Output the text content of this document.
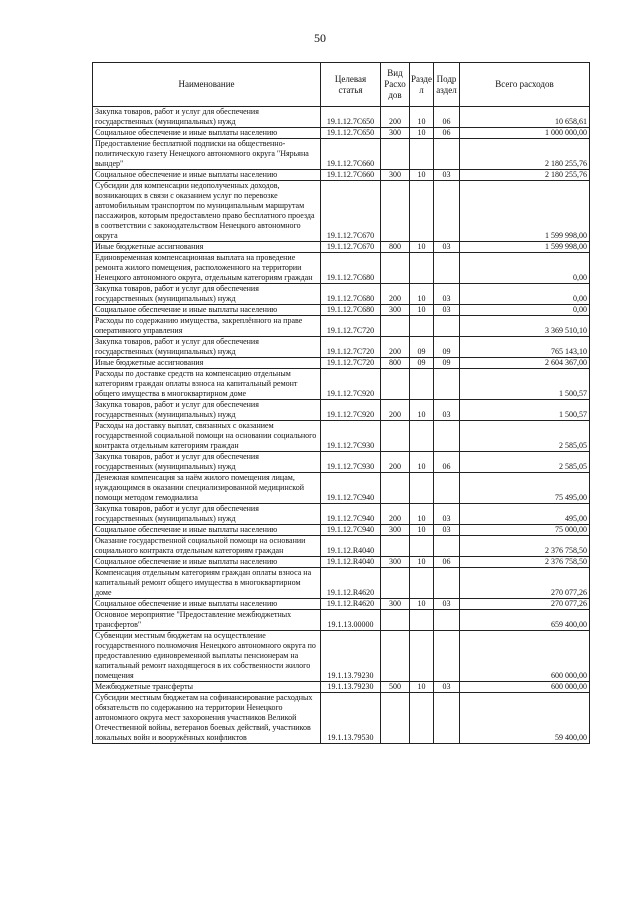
50
Наименование	Целевая статья	Вид Расхо дов	Разде л	Подр аздел	Всего расходов
Закупка товаров, работ и услуг для обеспечения государственных (муниципальных) нужд	19.1.12.7C650	200	10	06	10 658,61
Социальное обеспечение и иные выплаты населению	19.1.12.7C650	300	10	06	1 000 000,00
Предоставление бесплатной подписки на общественно-политическую газету Ненецкого автономного округа "Нярьяна вындер"	19.1.12.7C660				2 180 255,76
Социальное обеспечение и иные выплаты населению	19.1.12.7C660	300	10	03	2 180 255,76
Субсидии для компенсации недополученных доходов, возникающих в связи с оказанием услуг по перевозке автомобильным транспортом по муниципальным маршрутам пассажиров, которым предоставлено право бесплатного проезда в соответствии с законодательством Ненецкого автономного округа	19.1.12.7C670				1 599 998,00
Иные бюджетные ассигнования	19.1.12.7C670	800	10	03	1 599 998,00
Единовременная компенсационная выплата на проведение ремонта жилого помещения, расположенного на территории Ненецкого автономного округа, отдельным категориям граждан	19.1.12.7C680				0,00
Закупка товаров, работ и услуг для обеспечения государственных (муниципальных) нужд	19.1.12.7C680	200	10	03	0,00
Социальное обеспечение и иные выплаты населению	19.1.12.7C680	300	10	03	0,00
Расходы по содержанию имущества, закреплённого на праве оперативного управления	19.1.12.7C720				3 369 510,10
Закупка товаров, работ и услуг для обеспечения государственных (муниципальных) нужд	19.1.12.7C720	200	09	09	765 143,10
Иные бюджетные ассигнования	19.1.12.7C720	800	09	09	2 604 367,00
Расходы по доставке средств на компенсацию отдельным категориям граждан оплаты взноса на капитальный ремонт общего имущества в многоквартирном доме	19.1.12.7C920				1 500,57
Закупка товаров, работ и услуг для обеспечения государственных (муниципальных) нужд	19.1.12.7C920	200	10	03	1 500,57
Расходы на доставку выплат, связанных с оказанием государственной социальной помощи на основании социального контракта отдельным категориям граждан	19.1.12.7C930				2 585,05
Закупка товаров, работ и услуг для обеспечения государственных (муниципальных) нужд	19.1.12.7C930	200	10	06	2 585,05
Денежная компенсация за наём жилого помещения лицам, нуждающимся в оказании специализированной медицинской помощи методом гемодиализа	19.1.12.7C940				75 495,00
Закупка товаров, работ и услуг для обеспечения государственных (муниципальных) нужд	19.1.12.7C940	200	10	03	495,00
Социальное обеспечение и иные выплаты населению	19.1.12.7C940	300	10	03	75 000,00
Оказание государственной социальной помощи на основании социального контракта отдельным категориям граждан	19.1.12.R4040				2 376 758,50
Социальное обеспечение и иные выплаты населению	19.1.12.R4040	300	10	06	2 376 758,50
Компенсация отдельным категориям граждан оплаты взноса на капитальный ремонт общего имущества в многоквартирном доме	19.1.12.R4620				270 077,26
Социальное обеспечение и иные выплаты населению	19.1.12.R4620	300	10	03	270 077,26
Основное мероприятие "Предоставление межбюджетных трансфертов"	19.1.13.00000				659 400,00
Субвенции местным бюджетам на осуществление государственного полномочия Ненецкого автономного округа по предоставлению единовременной выплаты пенсионерам на капитальный ремонт находящегося в их собственности жилого помещения	19.1.13.79230				600 000,00
Межбюджетные трансферты	19.1.13.79230	500	10	03	600 000,00
Субсидии местным бюджетам на софинансирование расходных обязательств по содержанию на территории Ненецкого автономного округа мест захоронения участников Великой Отечественной войны, ветеранов боевых действий, участников локальных войн и вооружённых конфликтов	19.1.13.79530				59 400,00
